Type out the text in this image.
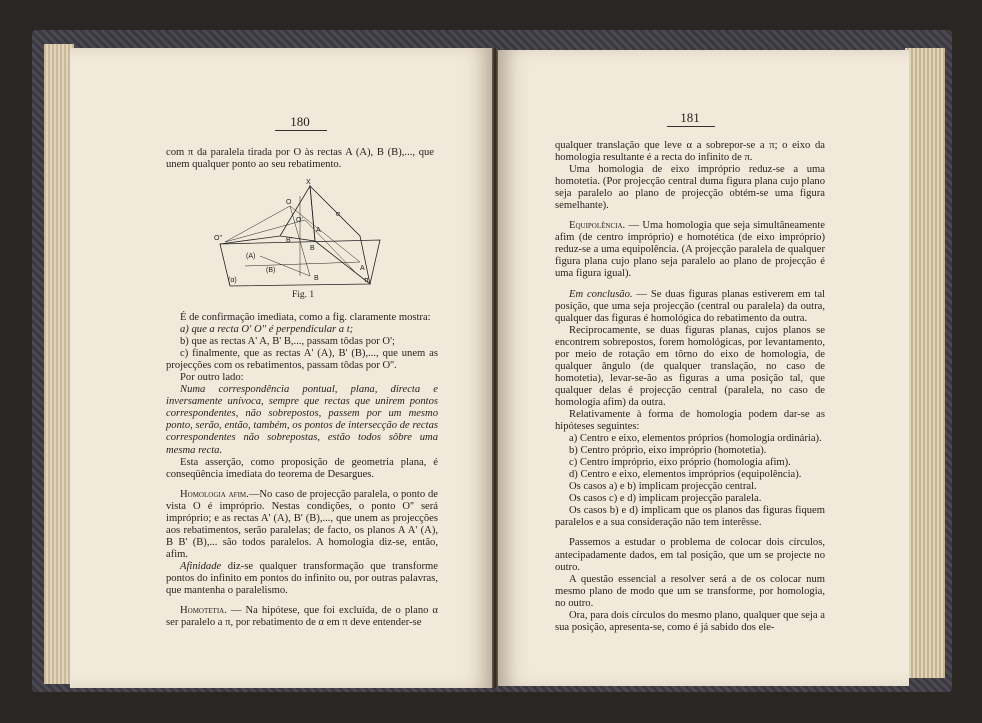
180

com π da paralela tirada por O às rectas A (A), B (B),..., que unem qualquer ponto ao seu rebatimento.

X
O
O'
O''
α
A
B
B'
(A)
(B)	A
B
(α)	π
Fig. 1

É de confirmação imediata, como a fig. claramente mostra:

a) que a recta O' O'' é perpendicular a t;

b) que as rectas A' A, B' B,..., passam tôdas por O';

c) finalmente, que as rectas A' (A), B' (B),..., que unem as projecções com os rebatimentos, passam tôdas por O''.

Por outro lado:

Numa correspondência pontual, plana, directa e inversamente unívoca, sempre que rectas que unirem pontos correspondentes, não sobrepostos, passem por um mesmo ponto, serão, então, também, os pontos de intersecção de rectas correspondentes não sobrepostas, estão todos sôbre uma mesma recta.

Esta asserção, como proposição de geometria plana, é conseqüência imediata do teorema de Desargues.

Homologia afim.—No caso de projecção paralela, o ponto de vista O é impróprio. Nestas condições, o ponto O'' será impróprio; e as rectas A' (A), B' (B),..., que unem as projecções aos rebatimentos, serão paralelas; de facto, os planos A A' (A), B B' (B),... são todos paralelos. A homologia diz-se, então, afim.

Afinidade diz-se qualquer transformação que transforme pontos do infinito em pontos do infinito ou, por outras palavras, que mantenha o paralelismo.

Homotetia. — Na hipótese, que foi excluída, de o plano α ser paralelo a π, por rebatimento de α em π deve entender-se

181

qualquer translação que leve α a sobrepor-se a π; o eixo da homologia resultante é a recta do infinito de π.

Uma homologia de eixo impróprio reduz-se a uma homotetia. (Por projecção central duma figura plana cujo plano seja paralelo ao plano de projecção obtém-se uma figura semelhante).

Equipolência. — Uma homologia que seja simultâneamente afim (de centro impróprio) e homotética (de eixo impróprio) reduz-se a uma equipolência. (A projecção paralela de qualquer figura plana cujo plano seja paralelo ao plano de projecção é uma figura igual).

Em conclusão. — Se duas figuras planas estiverem em tal posição, que uma seja projecção (central ou paralela) da outra, qualquer das figuras é homológica do rebatimento da outra.

Reciprocamente, se duas figuras planas, cujos planos se encontrem sobrepostos, forem homológicas, por levantamento, por meio de rotação em tôrno do eixo de homologia, de qualquer ângulo (de qualquer translação, no caso de homotetia), levar-se-ão as figuras a uma posição tal, que qualquer delas é projecção central (paralela, no caso de homologia afim) da outra.

Relativamente à forma de homologia podem dar-se as hipóteses seguintes:

a) Centro e eixo, elementos próprios (homologia ordinária).

b) Centro próprio, eixo impróprio (homotetia).

c) Centro impróprio, eixo próprio (homologia afim).

d) Centro e eixo, elementos impróprios (equipolência).

Os casos a) e b) implicam projecção central.

Os casos c) e d) implicam projecção paralela.

Os casos b) e d) implicam que os planos das figuras fiquem paralelos e a sua consideração não tem interêsse.

Passemos a estudar o problema de colocar dois círculos, antecipadamente dados, em tal posição, que um se projecte no outro.

A questão essencial a resolver será a de os colocar num mesmo plano de modo que um se transforme, por homologia, no outro.

Ora, para dois círculos do mesmo plano, qualquer que seja a sua posição, apresenta-se, como é já sabido dos ele-
